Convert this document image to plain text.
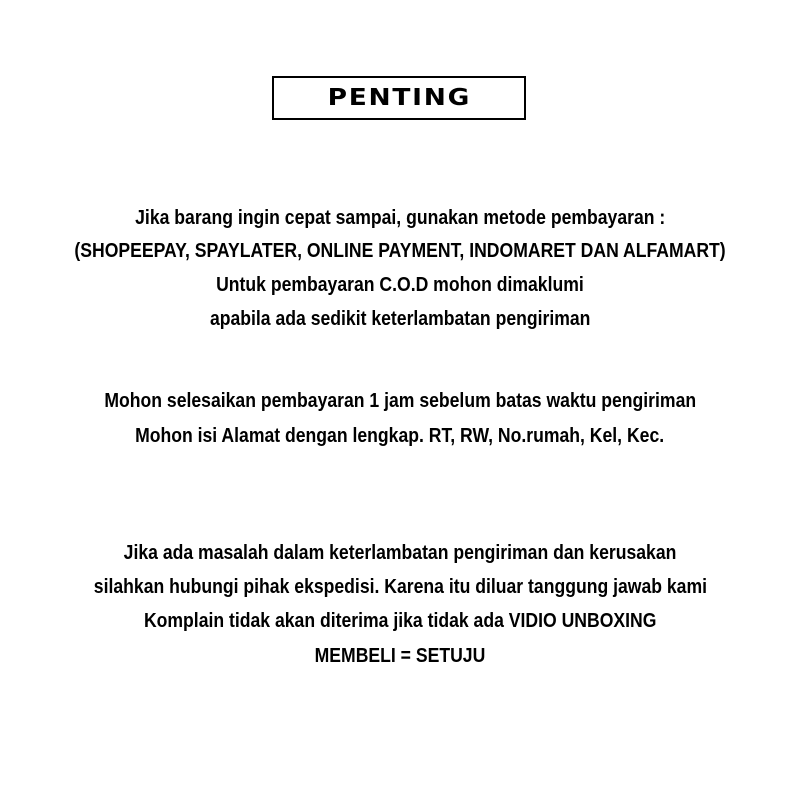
PENTING
Jika barang ingin cepat sampai, gunakan metode pembayaran :
(SHOPEEPAY, SPAYLATER, ONLINE PAYMENT, INDOMARET DAN ALFAMART)
Untuk pembayaran C.O.D mohon dimaklumi
apabila ada sedikit keterlambatan pengiriman
Mohon selesaikan pembayaran 1 jam sebelum batas waktu pengiriman
Mohon isi Alamat dengan lengkap. RT, RW, No.rumah, Kel, Kec.
Jika ada masalah dalam keterlambatan pengiriman dan kerusakan
silahkan hubungi pihak ekspedisi. Karena itu diluar tanggung jawab kami
Komplain tidak akan diterima jika tidak ada VIDIO UNBOXING
MEMBELI = SETUJU
